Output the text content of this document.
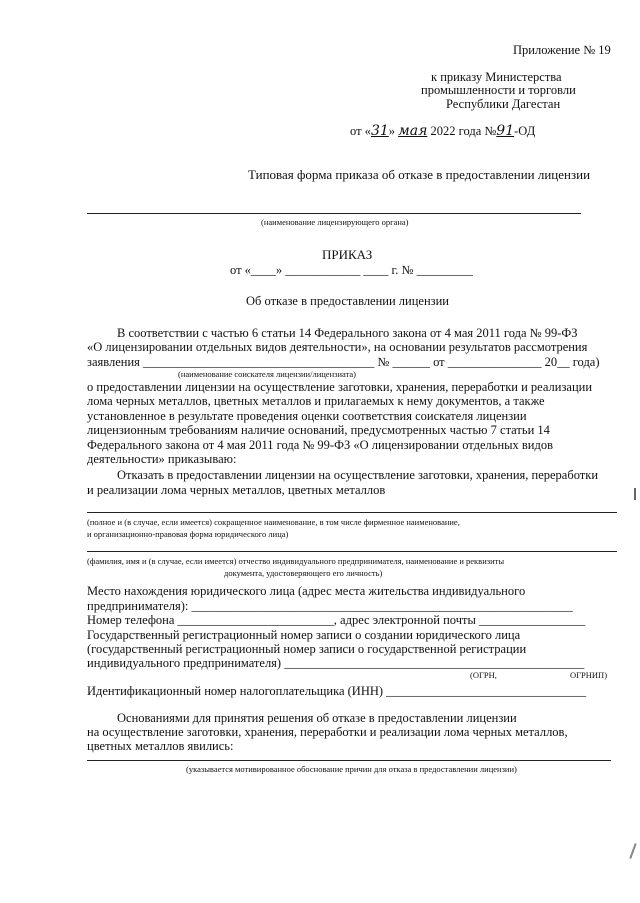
Приложение № 19
к приказу Министерства
промышленности и торговли
Республики Дагестан
от «31» мая 2022 года №91-ОД
Типовая форма приказа об отказе в предоставлении лицензии
(наименование лицензирующего органа)
ПРИКАЗ
от «____» ____________ ____ г. № _________
Об отказе в предоставлении лицензии
В соответствии с частью 6 статьи 14 Федерального закона от 4 мая 2011 года № 99-ФЗ
«О лицензировании отдельных видов деятельности», на основании результатов рассмотрения
заявления _____________________________________ № ______ от _______________ 20__ года)
(наименование соискателя лицензии/лицензиата)
о предоставлении лицензии на осуществление заготовки, хранения, переработки и реализации
лома черных металлов, цветных металлов и прилагаемых к нему документов, а также
установленное в результате проведения оценки соответствия соискателя лицензии
лицензионным требованиям наличие оснований, предусмотренных частью 7 статьи 14
Федерального закона от 4 мая 2011 года № 99-ФЗ «О лицензировании отдельных видов
деятельности» приказываю:
Отказать в предоставлении лицензии на осуществление заготовки, хранения, переработки
и реализации лома черных металлов, цветных металлов
(полное и (в случае, если имеется) сокращенное наименование, в том числе фирменное наименование,
и организационно-правовая форма юридического лица)
(фамилия, имя и (в случае, если имеется) отчество индивидуального предпринимателя, наименование и реквизиты
документа, удостоверяющего его личность)
Место нахождения юридического лица (адрес места жительства индивидуального
предпринимателя): _____________________________________________________________
Номер телефона _________________________, адрес электронной почты _________________
Государственный регистрационный номер записи о создании юридического лица
(государственный регистрационный номер записи о государственной регистрации
индивидуального предпринимателя) ________________________________________________
(ОГРН,	ОГРНИП)
Идентификационный номер налогоплательщика (ИНН) ________________________________
Основаниями для принятия решения об отказе в предоставлении лицензии
на осуществление заготовки, хранения, переработки и реализации лома черных металлов,
цветных металлов явились:
(указывается мотивированное обоснование причин для отказа в предоставлении лицензии)
